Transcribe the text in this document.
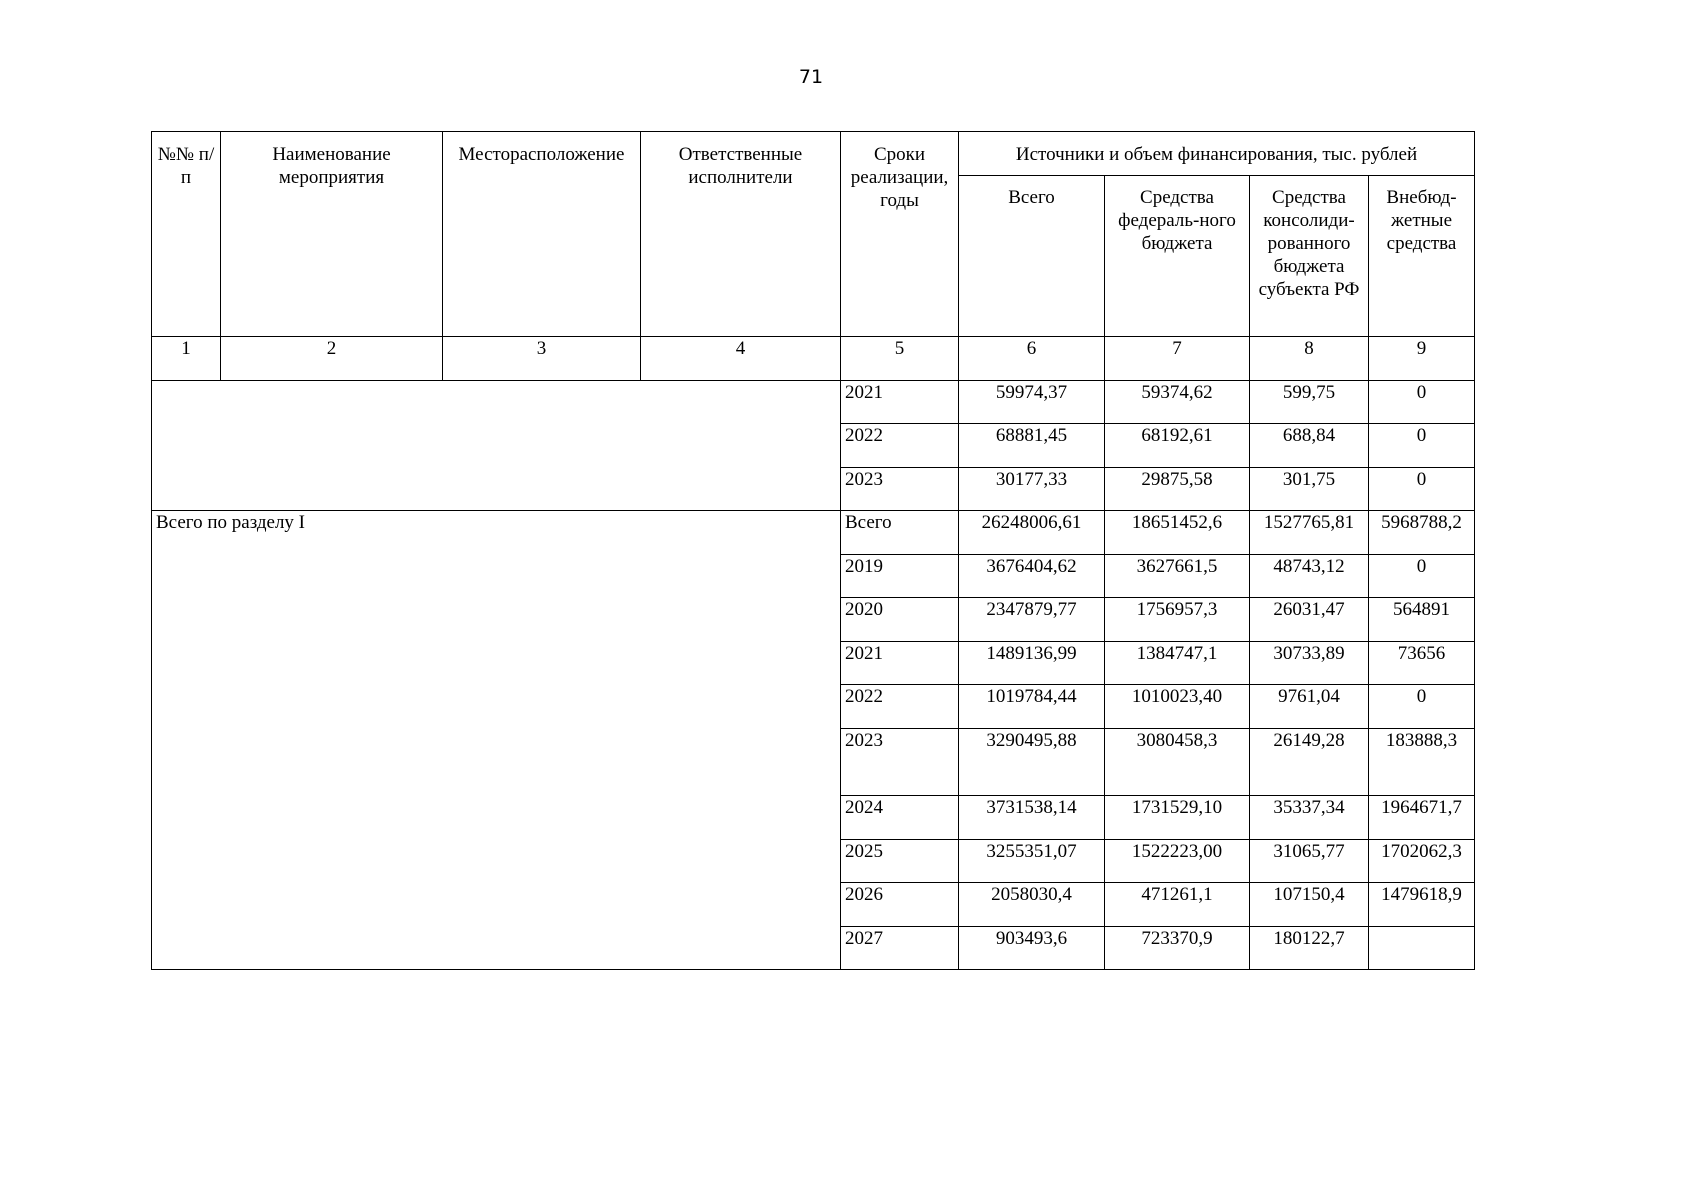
71
№№ п/п	Наименование мероприятия	Месторасположение	Ответственные исполнители	Сроки реализации, годы	Источники и объем финансирования, тыс. рублей			
					Всего	Средства федераль-ного бюджета	Средства консолиди-рованного бюджета субъекта РФ	Внебюд-жетные средства
1	2	3	4	5	6	7	8	9
				2021	59974,37	59374,62	599,75	0
				2022	68881,45	68192,61	688,84	0
				2023	30177,33	29875,58	301,75	0
Всего по разделу I				Всего	26248006,61	18651452,6	1527765,81	5968788,2
				2019	3676404,62	3627661,5	48743,12	0
				2020	2347879,77	1756957,3	26031,47	564891
				2021	1489136,99	1384747,1	30733,89	73656
				2022	1019784,44	1010023,40	9761,04	0
				2023	3290495,88	3080458,3	26149,28	183888,3
				2024	3731538,14	1731529,10	35337,34	1964671,7
				2025	3255351,07	1522223,00	31065,77	1702062,3
				2026	2058030,4	471261,1	107150,4	1479618,9
				2027	903493,6	723370,9	180122,7	
